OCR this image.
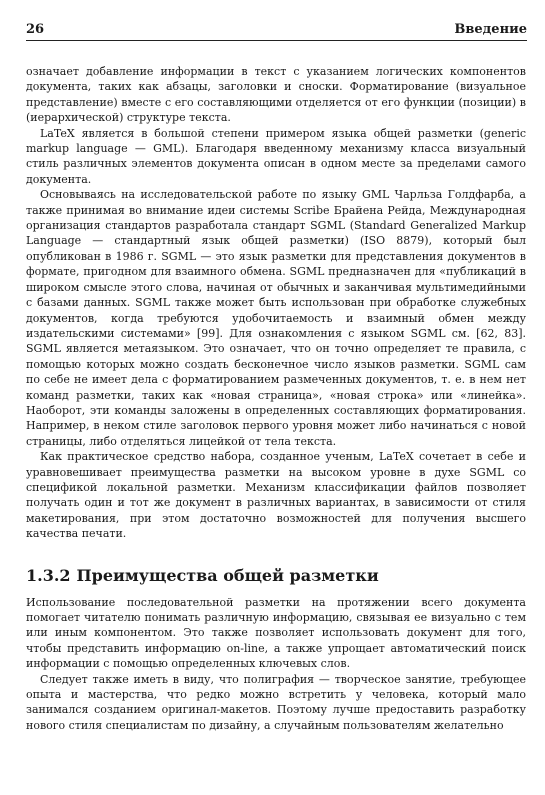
26	Введение

означает добавление информации в текст с указанием логических компонентов документа, таких как абзацы, заголовки и сноски. Форматирование (визуальное представление) вместе с его составляющими отделяется от его функции (позиции) в (иерархической) структуре текста.

LaTeX является в большой степени примером языка общей разметки (generic markup language — GML). Благодаря введенному механизму класса визуальный стиль различных элементов документа описан в одном месте за пределами самого документа.

Основываясь на исследовательской работе по языку GML Чарльза Голдфарба, а также принимая во внимание идеи системы Scribe Брайена Рейда, Международная организация стандартов разработала стандарт SGML (Standard Generalized Markup Language — стандартный язык общей разметки) (ISO 8879), который был опубликован в 1986 г. SGML — это язык разметки для представления документов в формате, пригодном для взаимного обмена. SGML предназначен для «публикаций в широком смысле этого слова, начиная от обычных и заканчивая мультимедийными с базами данных. SGML также может быть использован при обработке служебных документов, когда требуются удобочитаемость и взаимный обмен между издательскими системами» [99]. Для ознакомления с языком SGML см. [62, 83]. SGML является метаязыком. Это означает, что он точно определяет те правила, с помощью которых можно создать бесконечное число языков разметки. SGML сам по себе не имеет дела с форматированием размеченных документов, т. е. в нем нет команд разметки, таких как «новая страница», «новая строка» или «линейка». Наоборот, эти команды заложены в определенных составляющих форматирования. Например, в неком стиле заголовок первого уровня может либо начинаться с новой страницы, либо отделяться лицейкой от тела текста.

Как практическое средство набора, созданное ученым, LaTeX сочетает в себе и уравновешивает преимущества разметки на высоком уровне в духе SGML со спецификой локальной разметки. Механизм классификации файлов позволяет получать один и тот же документ в различных вариантах, в зависимости от стиля макетирования, при этом достаточно возможностей для получения высшего качества печати.

1.3.2 Преимущества общей разметки

Использование последовательной разметки на протяжении всего документа помогает читателю понимать различную информацию, связывая ее визуально с тем или иным компонентом. Это также позволяет использовать документ для того, чтобы представить информацию on-line, а также упрощает автоматический поиск информации с помощью определенных ключевых слов.

Следует также иметь в виду, что полиграфия — творческое занятие, требующее опыта и мастерства, что редко можно встретить у человека, который мало занимался созданием оригинал-макетов. Поэтому лучше предоставить разработку нового стиля специалистам по дизайну, а случайным пользователям желательно
